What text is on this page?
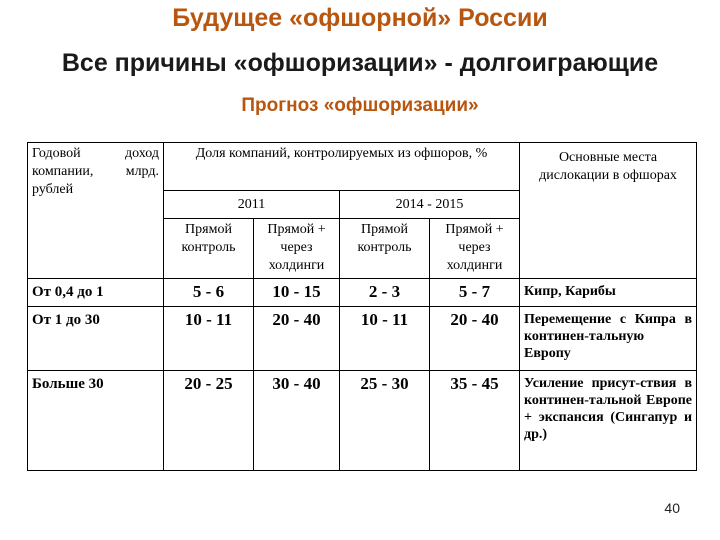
Будущее «офшорной» России
Все причины «офшоризации» - долгоиграющие
Прогноз «офшоризации»
Годовой доход компании, млрд. рублей	Доля компаний, контролируемых из офшоров, %				Основные места дислокации в офшорах
	2011		2014 - 2015		
	Прямой контроль	Прямой + через холдинги	Прямой контроль	Прямой + через холдинги	
От 0,4 до 1	5 - 6	10 - 15	2 - 3	5 - 7	Кипр, Карибы
От 1 до 30	10 - 11	20 - 40	10 - 11	20 - 40	Перемещение с Кипра в континен-тальную Европу
Больше 30	20 - 25	30 - 40	25 - 30	35 - 45	Усиление присут-ствия в континен-тальной Европе + экспансия (Сингапур и др.)
40
